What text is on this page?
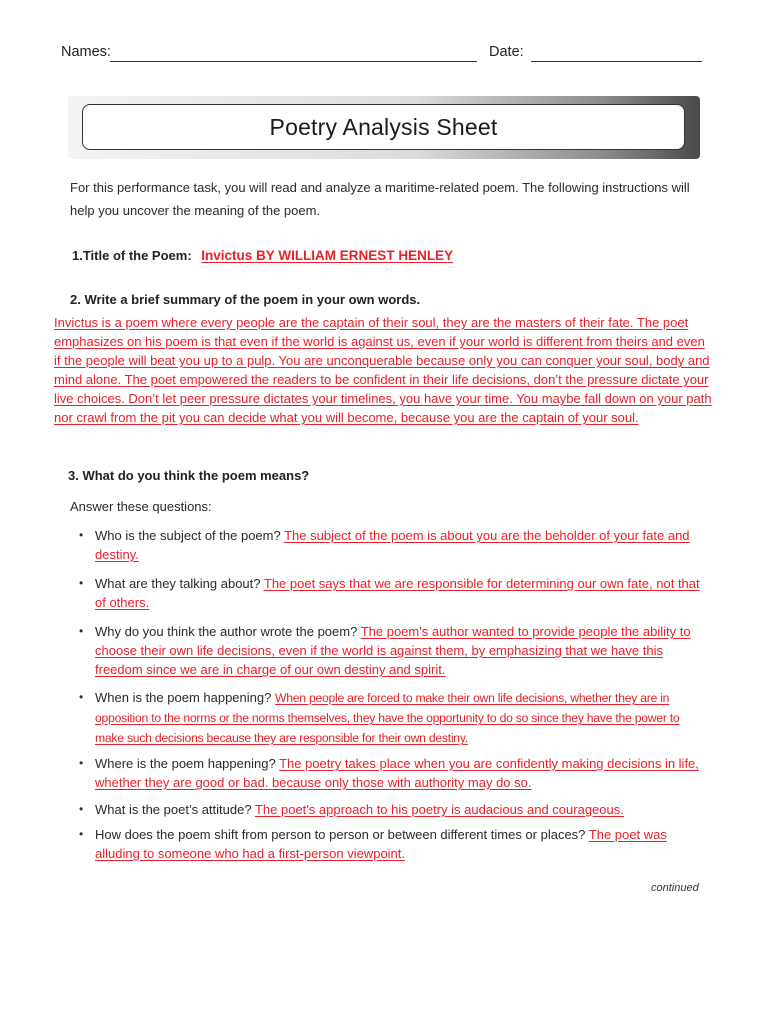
Names:	Date:
Poetry Analysis Sheet
For this performance task, you will read and analyze a maritime-related poem. The following instructions will help you uncover the meaning of the poem.
1.Title of the Poem: Invictus BY WILLIAM ERNEST HENLEY
2. Write a brief summary of the poem in your own words.
Invictus is a poem where every people are the captain of their soul, they are the masters of their fate. The poet emphasizes on his poem is that even if the world is against us, even if your world is different from theirs and even if the people will beat you up to a pulp. You are unconquerable because only you can conquer your soul, body and mind alone. The poet empowered the readers to be confident in their life decisions, don’t the pressure dictate your live choices. Don’t let peer pressure dictates your timelines, you have your time. You maybe fall down on your path nor crawl from the pit you can decide what you will become, because you are the captain of your soul.
3. What do you think the poem means?
Answer these questions:
• Who is the subject of the poem? The subject of the poem is about you are the beholder of your fate and destiny.
• What are they talking about? The poet says that we are responsible for determining our own fate, not that of others.
• Why do you think the author wrote the poem? The poem's author wanted to provide people the ability to choose their own life decisions, even if the world is against them, by emphasizing that we have this freedom since we are in charge of our own destiny and spirit.
• When is the poem happening? When people are forced to make their own life decisions, whether they are in opposition to the norms or the norms themselves, they have the opportunity to do so since they have the power to make such decisions because they are responsible for their own destiny.
• Where is the poem happening? The poetry takes place when you are confidently making decisions in life, whether they are good or bad. because only those with authority may do so.
• What is the poet’s attitude? The poet's approach to his poetry is audacious and courageous.
• How does the poem shift from person to person or between different times or places? The poet was alluding to someone who had a first-person viewpoint.
continued
